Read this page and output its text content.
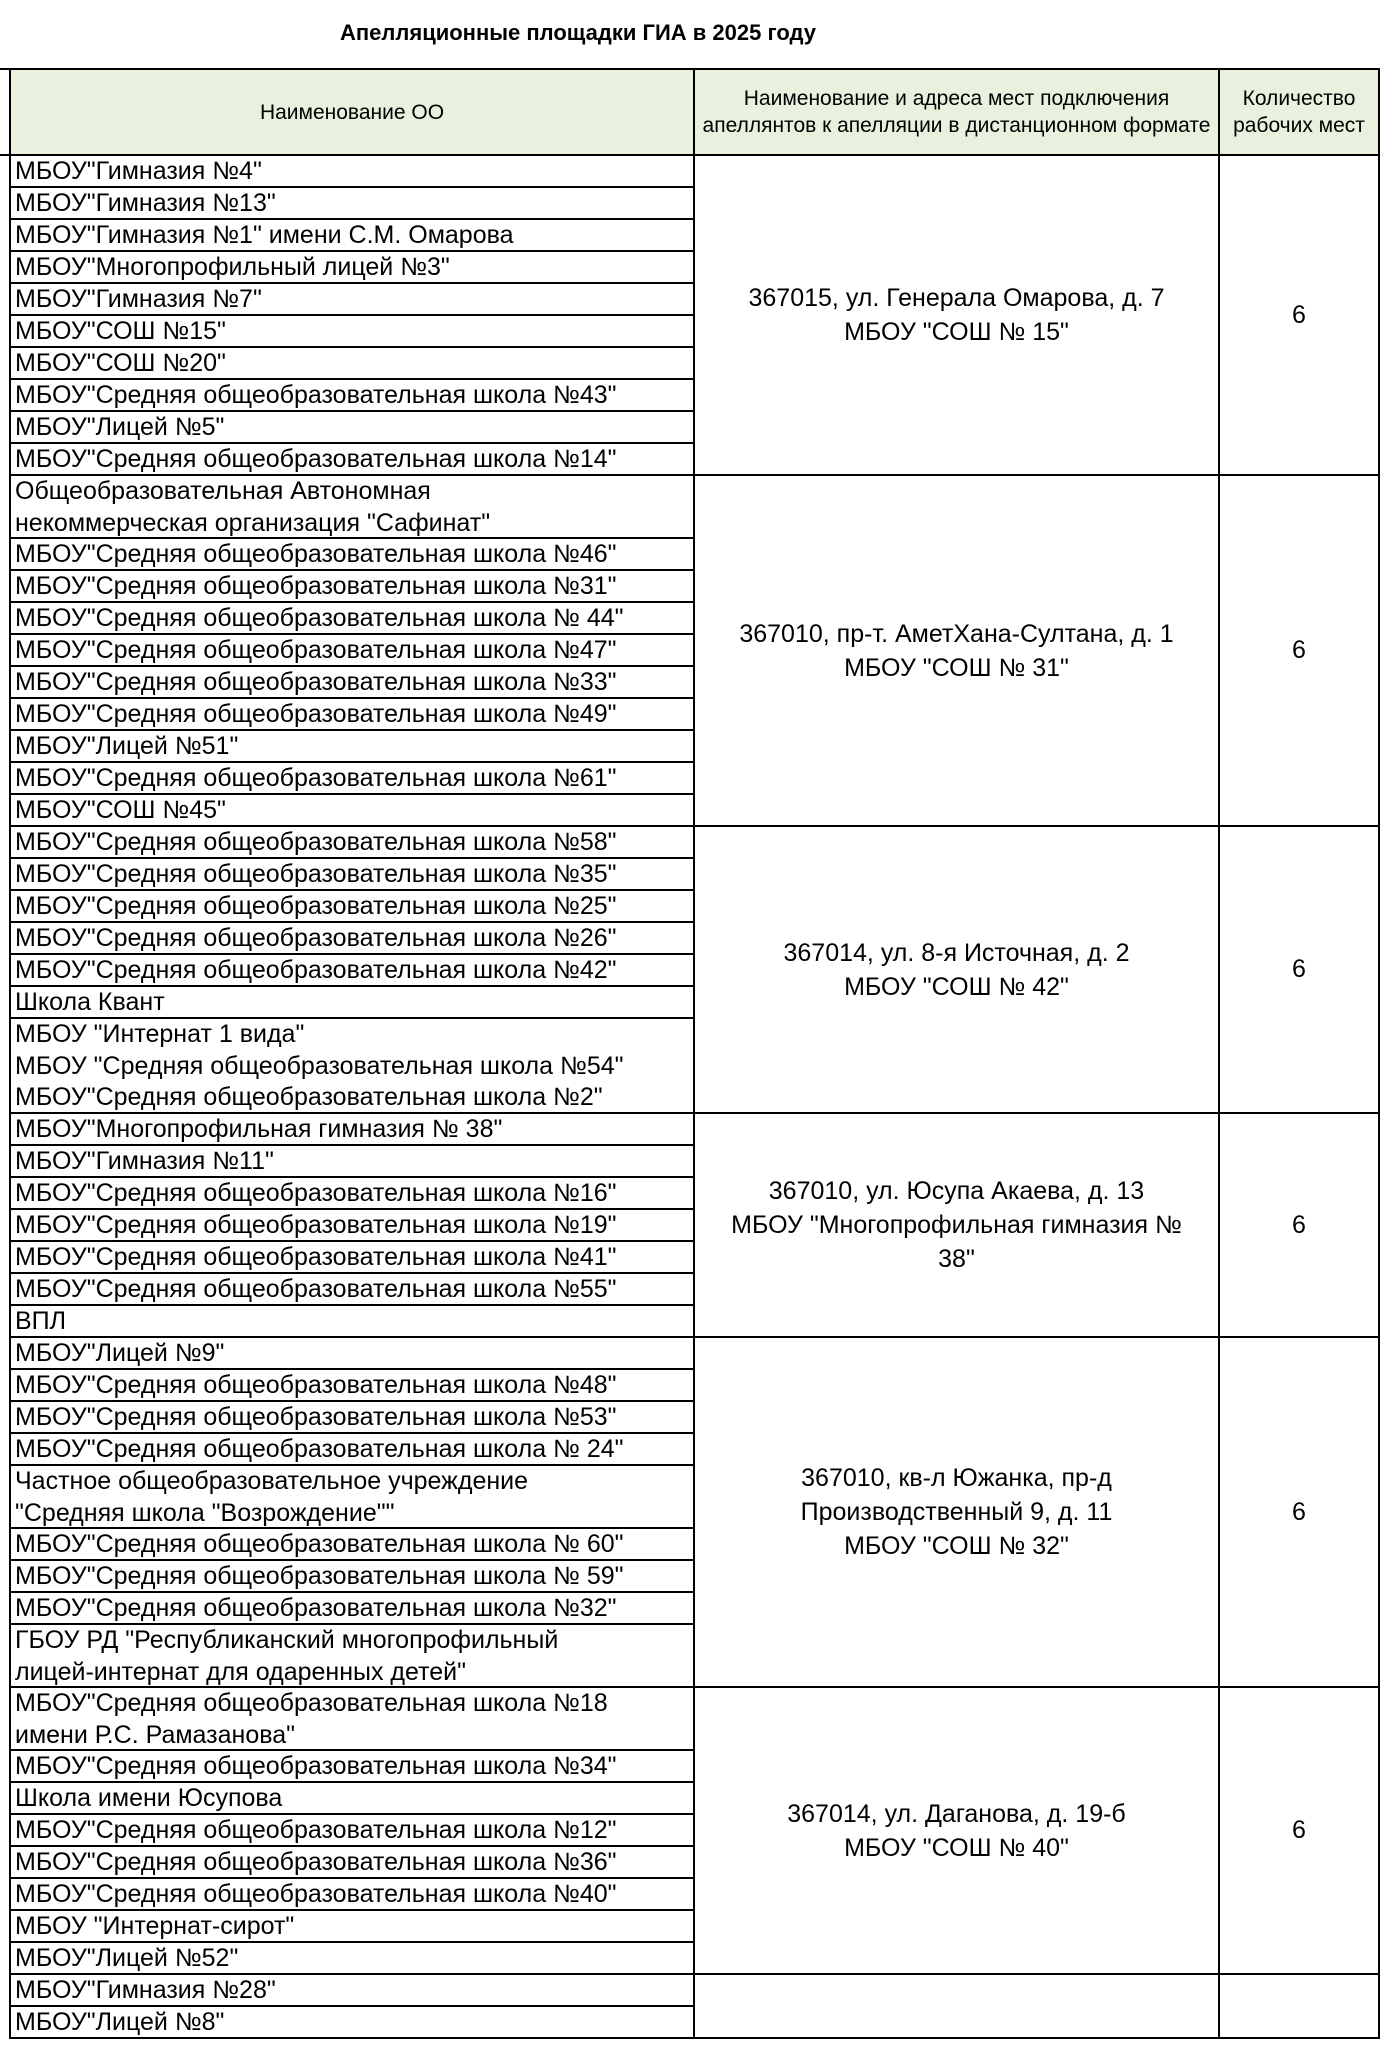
Апелляционные площадки ГИА в 2025 году
Наименование ОО
Наименование и адреса мест подключения апеллянтов к апелляции в дистанционном формате
Количество рабочих мест
МБОУ"Гимназия №4"
МБОУ"Гимназия №13"
МБОУ"Гимназия №1" имени С.М. Омарова
МБОУ"Многопрофильный лицей №3"
МБОУ"Гимназия №7"
МБОУ"СОШ №15"
МБОУ"СОШ №20"
МБОУ"Средняя общеобразовательная школа №43"
МБОУ"Лицей №5"
МБОУ"Средняя общеобразовательная школа №14"
367015, ул. Генерала Омарова, д. 7
МБОУ "СОШ № 15"
6
Общеобразовательная Автономная
некоммерческая организация "Сафинат"
МБОУ"Средняя общеобразовательная школа №46"
МБОУ"Средняя общеобразовательная школа №31"
МБОУ"Средняя общеобразовательная школа № 44"
МБОУ"Средняя общеобразовательная школа №47"
МБОУ"Средняя общеобразовательная школа №33"
МБОУ"Средняя общеобразовательная школа №49"
МБОУ"Лицей №51"
МБОУ"Средняя общеобразовательная школа №61"
МБОУ"СОШ №45"
367010, пр-т. АметХана-Султана, д. 1
МБОУ "СОШ № 31"
6
МБОУ"Средняя общеобразовательная школа №58"
МБОУ"Средняя общеобразовательная школа №35"
МБОУ"Средняя общеобразовательная школа №25"
МБОУ"Средняя общеобразовательная школа №26"
МБОУ"Средняя общеобразовательная школа №42"
Школа Квант
МБОУ "Интернат 1 вида"
МБОУ "Средняя общеобразовательная школа №54"
МБОУ"Средняя общеобразовательная школа №2"
367014, ул. 8-я Источная, д. 2
МБОУ "СОШ № 42"
6
МБОУ"Многопрофильная гимназия № 38"
МБОУ"Гимназия №11"
МБОУ"Средняя общеобразовательная школа №16"
МБОУ"Средняя общеобразовательная школа №19"
МБОУ"Средняя общеобразовательная школа №41"
МБОУ"Средняя общеобразовательная школа №55"
ВПЛ
367010, ул. Юсупа Акаева, д. 13
МБОУ "Многопрофильная гимназия №
38"
6
МБОУ"Лицей №9"
МБОУ"Средняя общеобразовательная школа №48"
МБОУ"Средняя общеобразовательная школа №53"
МБОУ"Средняя общеобразовательная школа № 24"
Частное общеобразовательное учреждение
"Средняя школа "Возрождение""
МБОУ"Средняя общеобразовательная школа № 60"
МБОУ"Средняя общеобразовательная школа № 59"
МБОУ"Средняя общеобразовательная школа №32"
ГБОУ РД "Республиканский многопрофильный
лицей-интернат для одаренных детей"
367010, кв-л Южанка, пр-д
Производственный 9, д. 11
МБОУ "СОШ № 32"
6
МБОУ"Средняя общеобразовательная школа №18
имени Р.С. Рамазанова"
МБОУ"Средняя общеобразовательная школа №34"
Школа имени Юсупова
МБОУ"Средняя общеобразовательная школа №12"
МБОУ"Средняя общеобразовательная школа №36"
МБОУ"Средняя общеобразовательная школа №40"
МБОУ "Интернат-сирот"
МБОУ"Лицей №52"
367014, ул. Даганова, д. 19-б
МБОУ "СОШ № 40"
6
МБОУ"Гимназия №28"
МБОУ"Лицей №8"
